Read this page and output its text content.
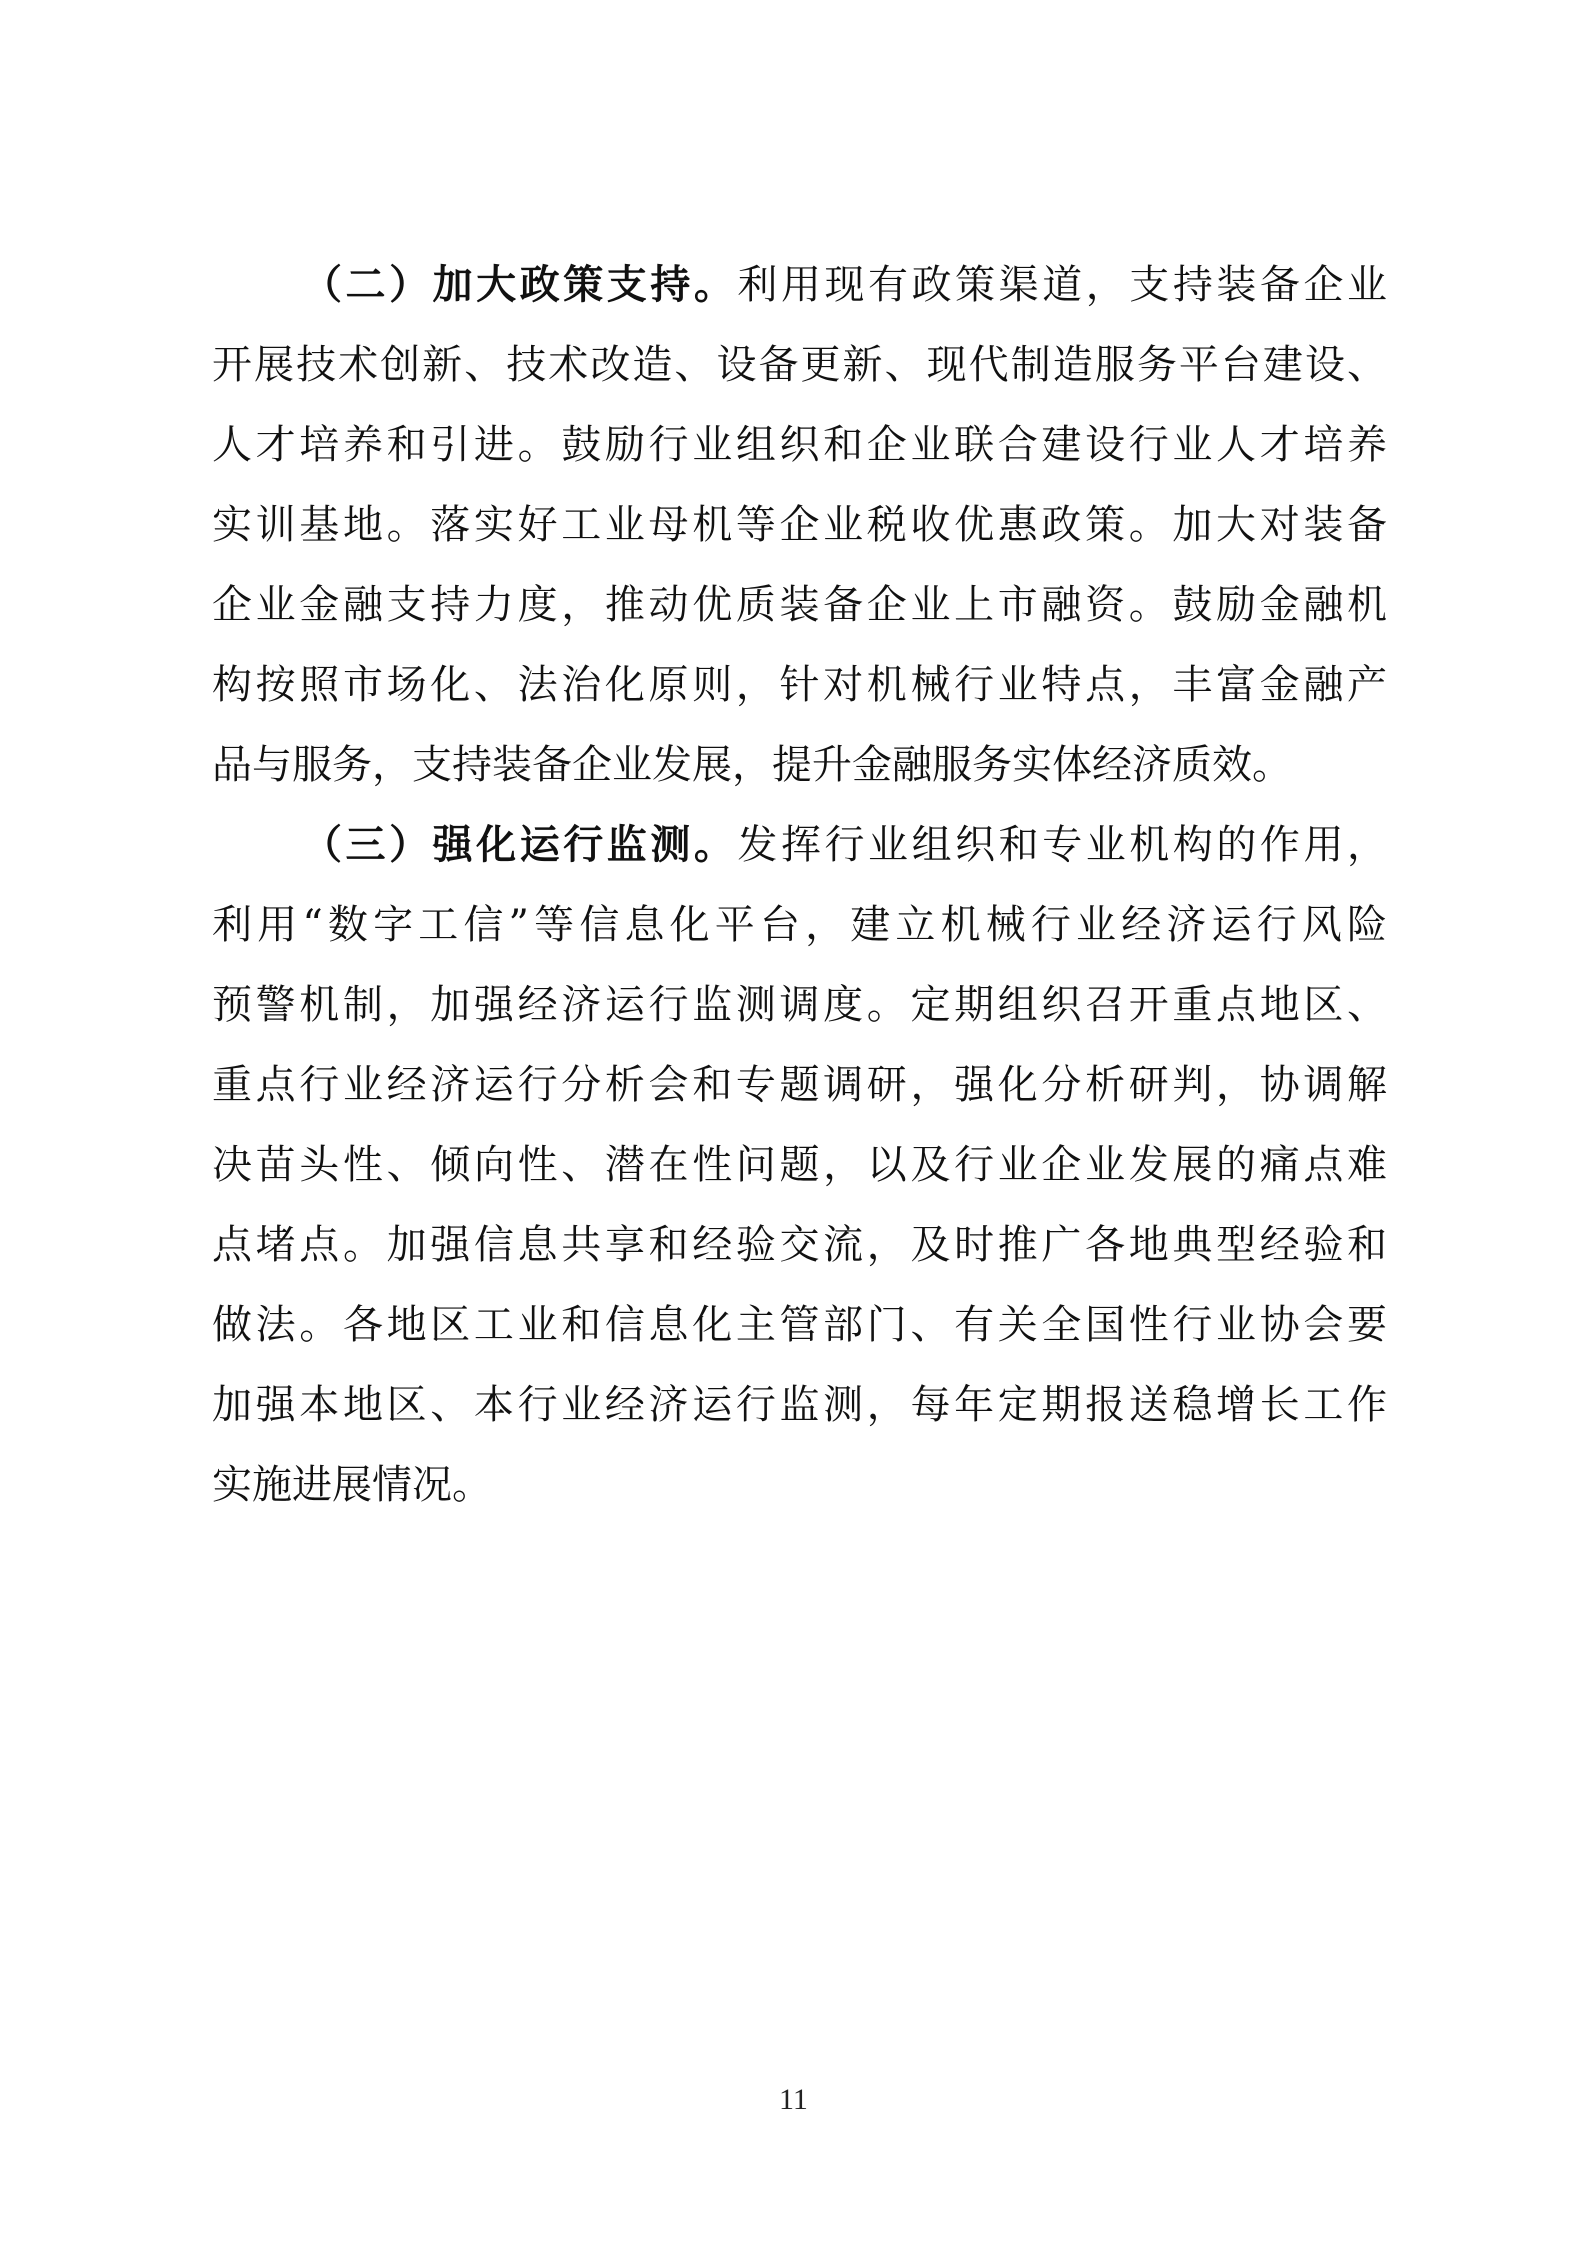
（二）加大政策支持。利用现有政策渠道，支持装备企业
开展技术创新、技术改造、设备更新、现代制造服务平台建设、
人才培养和引进。鼓励行业组织和企业联合建设行业人才培养
实训基地。落实好工业母机等企业税收优惠政策。加大对装备
企业金融支持力度，推动优质装备企业上市融资。鼓励金融机
构按照市场化、法治化原则，针对机械行业特点，丰富金融产
品与服务，支持装备企业发展，提升金融服务实体经济质效。
（三）强化运行监测。发挥行业组织和专业机构的作用，
利用“数字工信”等信息化平台，建立机械行业经济运行风险
预警机制，加强经济运行监测调度。定期组织召开重点地区、
重点行业经济运行分析会和专题调研，强化分析研判，协调解
决苗头性、倾向性、潜在性问题，以及行业企业发展的痛点难
点堵点。加强信息共享和经验交流，及时推广各地典型经验和
做法。各地区工业和信息化主管部门、有关全国性行业协会要
加强本地区、本行业经济运行监测，每年定期报送稳增长工作
实施进展情况。
11
